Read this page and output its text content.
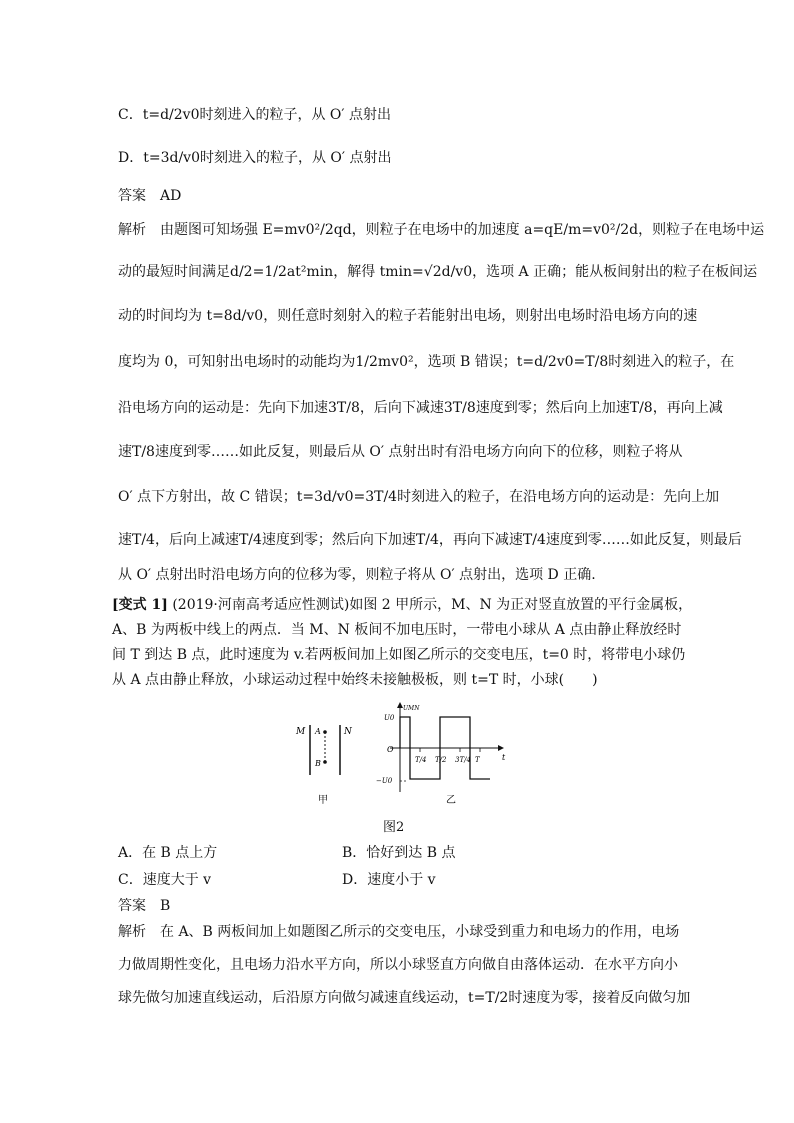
C．t=d/2v0时刻进入的粒子，从 O′ 点射出
D．t=3d/v0时刻进入的粒子，从 O′ 点射出
答案　AD
解析　由题图可知场强 E=mv0²/2qd，则粒子在电场中的加速度 a=qE/m=v0²/2d，则粒子在电场中运
动的最短时间满足d/2=1/2at²min，解得 tmin=√2d/v0，选项 A 正确；能从板间射出的粒子在板间运
动的时间均为 t=8d/v0，则任意时刻射入的粒子若能射出电场，则射出电场时沿电场方向的速
度均为 0，可知射出电场时的动能均为1/2mv0²，选项 B 错误；t=d/2v0=T/8时刻进入的粒子，在
沿电场方向的运动是：先向下加速3T/8，后向下减速3T/8速度到零；然后向上加速T/8，再向上减
速T/8速度到零……如此反复，则最后从 O′ 点射出时有沿电场方向向下的位移，则粒子将从
O′ 点下方射出，故 C 错误；t=3d/v0=3T/4时刻进入的粒子，在沿电场方向的运动是：先向上加
速T/4，后向上减速T/4速度到零；然后向下加速T/4，再向下减速T/4速度到零……如此反复，则最后
从 O′ 点射出时沿电场方向的位移为零，则粒子将从 O′ 点射出，选项 D 正确.
[变式 1] (2019·河南高考适应性测试)如图 2 甲所示，M、N 为正对竖直放置的平行金属板，
A、B 为两板中线上的两点．当 M、N 板间不加电压时，一带电小球从 A 点由静止释放经时
间 T 到达 B 点，此时速度为 v.若两板间加上如图乙所示的交变电压，t=0 时，将带电小球仍
从 A 点由静止释放，小球运动过程中始终未接触极板，则 t=T 时，小球(　　)
M	N
A
B
甲
UMN
U0
−U0
O
t
T/4 T/2 3T/4 T
乙
图2
A．在 B 点上方	B．恰好到达 B 点
C．速度大于 v	D．速度小于 v
答案　B
解析　在 A、B 两板间加上如题图乙所示的交变电压，小球受到重力和电场力的作用，电场
力做周期性变化，且电场力沿水平方向，所以小球竖直方向做自由落体运动．在水平方向小
球先做匀加速直线运动，后沿原方向做匀减速直线运动，t=T/2时速度为零，接着反向做匀加
